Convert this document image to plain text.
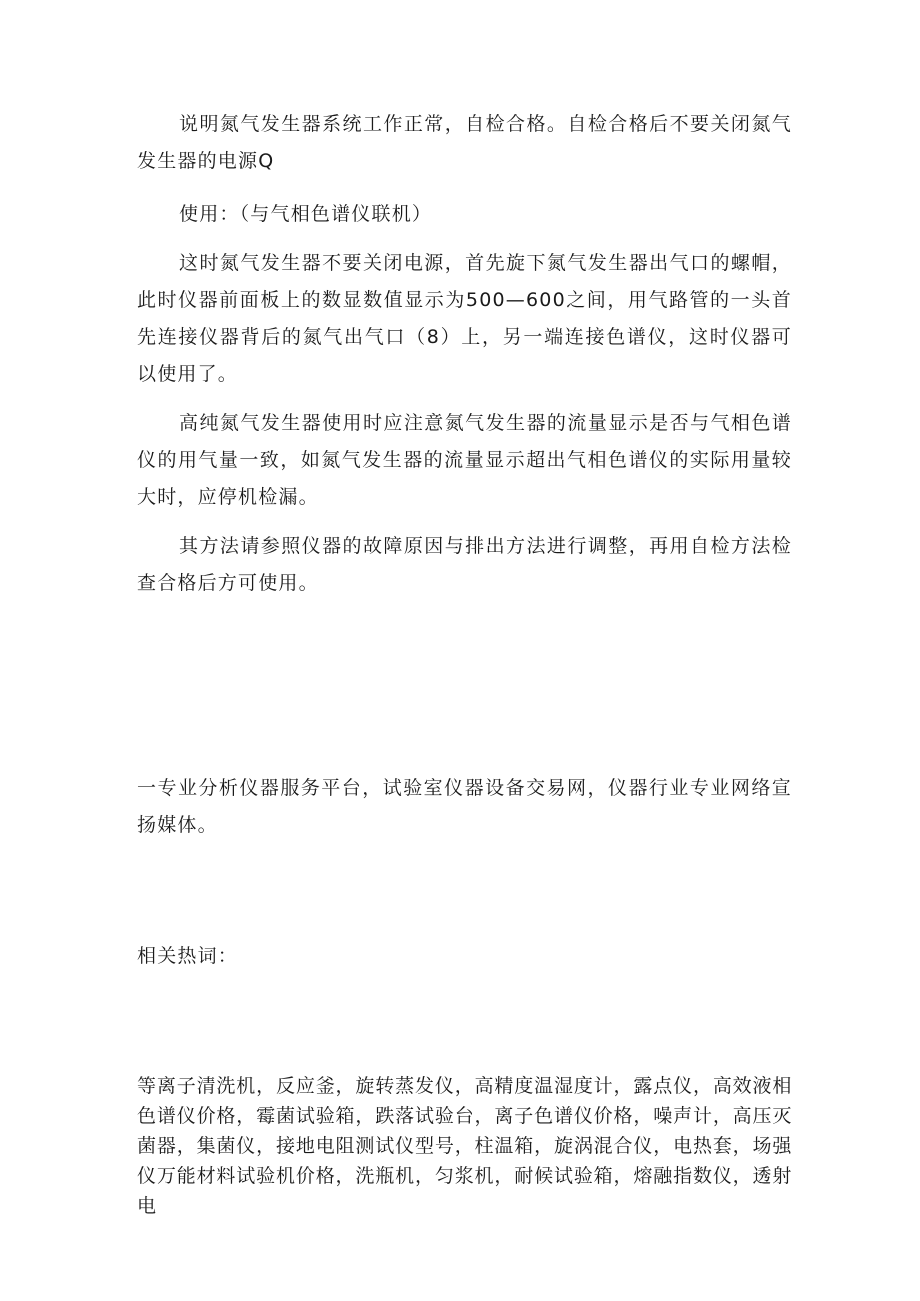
说明氮气发生器系统工作正常，自检合格。自检合格后不要关闭氮气发生器的电源Q

使用：（与气相色谱仪联机）

这时氮气发生器不要关闭电源，首先旋下氮气发生器出气口的螺帽，此时仪器前面板上的数显数值显示为500—600之间，用气路管的一头首先连接仪器背后的氮气出气口（8）上，另一端连接色谱仪，这时仪器可以使用了。

高纯氮气发生器使用时应注意氮气发生器的流量显示是否与气相色谱仪的用气量一致，如氮气发生器的流量显示超出气相色谱仪的实际用量较大时，应停机检漏。

其方法请参照仪器的故障原因与排出方法进行调整，再用自检方法检查合格后方可使用。

一专业分析仪器服务平台，试验室仪器设备交易网，仪器行业专业网络宣扬媒体。

相关热词：

等离子清洗机，反应釜，旋转蒸发仪，高精度温湿度计，露点仪，高效液相色谱仪价格，霉菌试验箱，跌落试验台，离子色谱仪价格，噪声计，高压灭菌器，集菌仪，接地电阻测试仪型号，柱温箱，旋涡混合仪，电热套，场强仪万能材料试验机价格，洗瓶机，匀浆机，耐候试验箱，熔融指数仪，透射电
